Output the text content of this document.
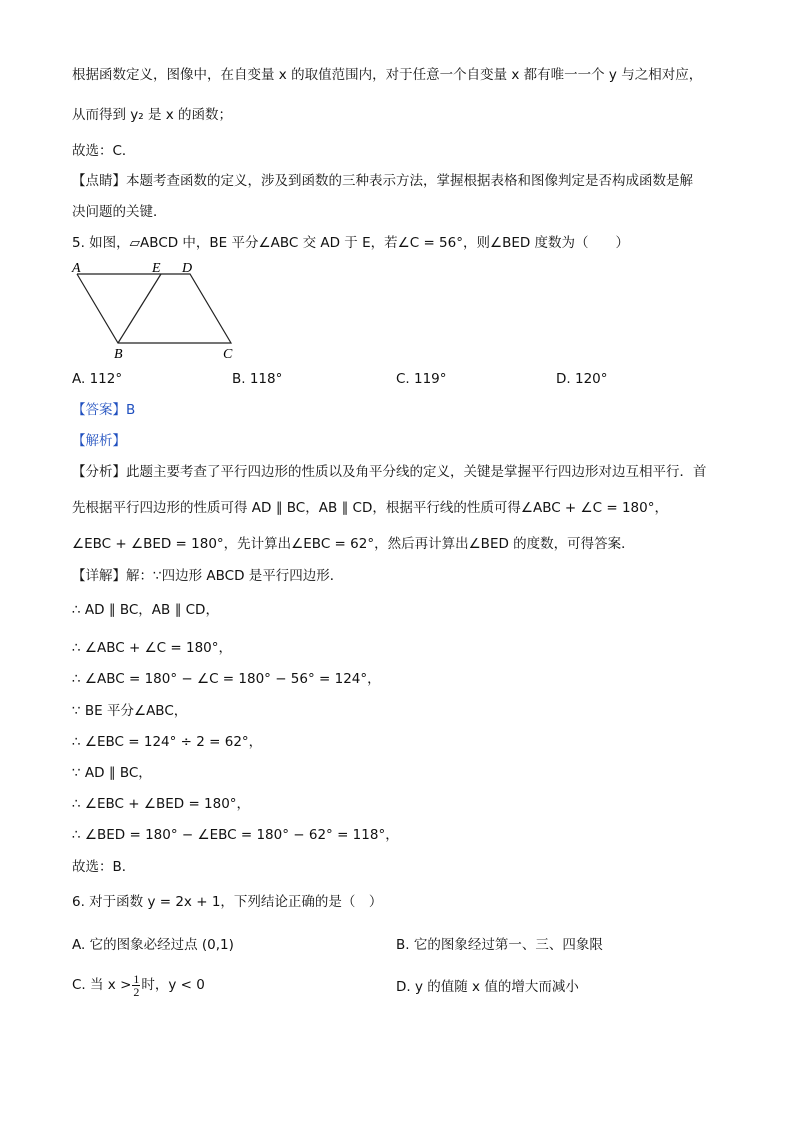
根据函数定义，图像中，在自变量 x 的取值范围内，对于任意一个自变量 x 都有唯一一个 y 与之相对应，
从而得到 y₂ 是 x 的函数；
故选：C．
【点睛】本题考查函数的定义，涉及到函数的三种表示方法，掌握根据表格和图像判定是否构成函数是解
决问题的关键．
5. 如图，▱ABCD 中，BE 平分∠ABC 交 AD 于 E，若∠C = 56°，则∠BED 度数为（　　）
A	E D
B	C
A. 112°	B. 118°	C. 119°	D. 120°
【答案】B
【解析】
【分析】此题主要考查了平行四边形的性质以及角平分线的定义，关键是掌握平行四边形对边互相平行．首
先根据平行四边形的性质可得 AD ∥ BC，AB ∥ CD，根据平行线的性质可得∠ABC + ∠C = 180°，
∠EBC + ∠BED = 180°，先计算出∠EBC = 62°，然后再计算出∠BED 的度数，可得答案．
【详解】解：∵四边形 ABCD 是平行四边形．
∴ AD ∥ BC，AB ∥ CD，
∴ ∠ABC + ∠C = 180°，
∴ ∠ABC = 180° − ∠C = 180° − 56° = 124°，
∵ BE 平分∠ABC，
∴ ∠EBC = 124° ÷ 2 = 62°，
∵ AD ∥ BC，
∴ ∠EBC + ∠BED = 180°，
∴ ∠BED = 180° − ∠EBC = 180° − 62° = 118°，
故选：B．
6. 对于函数 y = 2x + 1，下列结论正确的是（　）
A. 它的图象必经过点 (0,1)	B. 它的图象经过第一、三、四象限
C. 当 $x > \frac{1}{2}$ 时，y < 0	D. y 的值随 x 值的增大而减小
